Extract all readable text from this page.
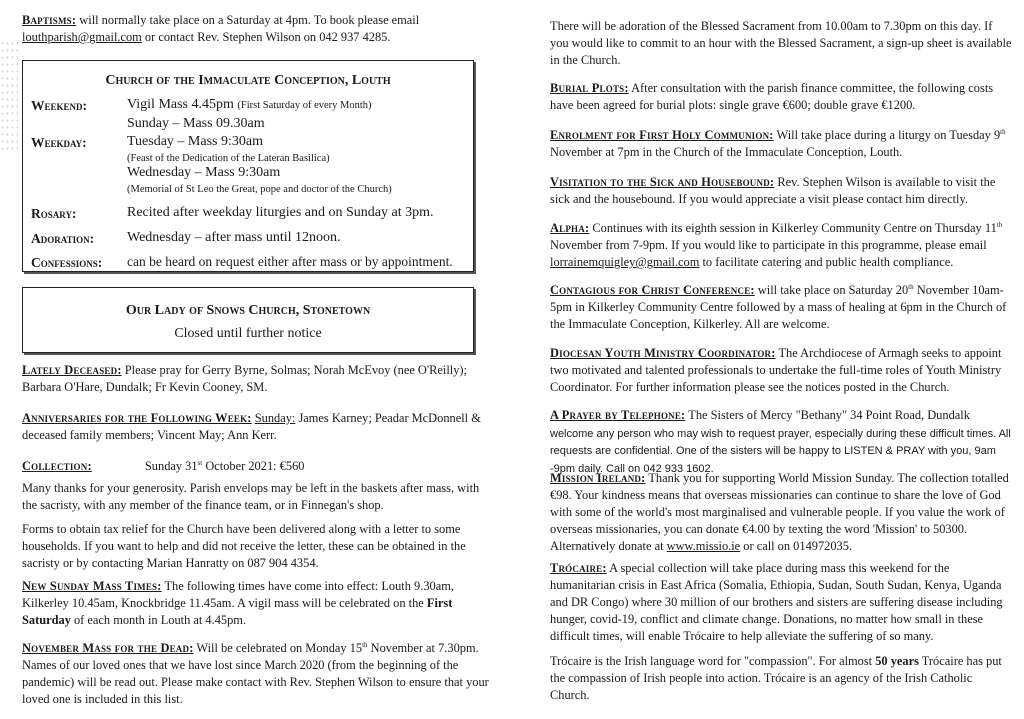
Baptisms: will normally take place on a Saturday at 4pm. To book please email
louthparish@gmail.com or contact Rev. Stephen Wilson on 042 937 4285.
Church of the Immaculate Conception, Louth
Weekend:	Vigil Mass 4.45pm (First Saturday of every Month)
Sunday – Mass 09.30am
Weekday:	Tuesday – Mass 9:30am
(Feast of the Dedication of the Lateran Basilica)
Wednesday – Mass 9:30am
(Memorial of St Leo the Great, pope and doctor of the Church)
Rosary:	Recited after weekday liturgies and on Sunday at 3pm.
Adoration: Wednesday – after mass until 12noon.
Confessions: can be heard on request either after mass or by appointment.
Our Lady of Snows Church, Stonetown
Closed until further notice
Lately Deceased: Please pray for Gerry Byrne, Solmas; Norah McEvoy (nee O'Reilly); Barbara O'Hare, Dundalk; Fr Kevin Cooney, SM.
Anniversaries for the Following Week: Sunday: James Karney; Peadar McDonnell & deceased family members; Vincent May; Ann Kerr.
Collection:	Sunday 31st October 2021: €560

Many thanks for your generosity. Parish envelops may be left in the baskets after mass, with the sacristy, with any member of the finance team, or in Finnegan's shop.

Forms to obtain tax relief for the Church have been delivered along with a letter to some households. If you want to help and did not receive the letter, these can be obtained in the sacristy or by contacting Marian Hanratty on 087 904 4354.

New Sunday Mass Times: The following times have come into effect: Louth 9.30am, Kilkerley 10.45am, Knockbridge 11.45am. A vigil mass will be celebrated on the First Saturday of each month in Louth at 4.45pm.
November Mass for the Dead: Will be celebrated on Monday 15th November at 7.30pm. Names of our loved ones that we have lost since March 2020 (from the beginning of the pandemic) will be read out. Please make contact with Rev. Stephen Wilson to ensure that your loved one is included in this list.
There will be adoration of the Blessed Sacrament from 10.00am to 7.30pm on this day. If you would like to commit to an hour with the Blessed Sacrament, a sign-up sheet is available in the Church.
Burial Plots: After consultation with the parish finance committee, the following costs have been agreed for burial plots: single grave €600; double grave €1200.
Enrolment for First Holy Communion: Will take place during a liturgy on Tuesday 9th November at 7pm in the Church of the Immaculate Conception, Louth.
Visitation to the Sick and Housebound: Rev. Stephen Wilson is available to visit the sick and the housebound. If you would appreciate a visit please contact him directly.
Alpha: Continues with its eighth session in Kilkerley Community Centre on Thursday 11th November from 7-9pm. If you would like to participate in this programme, please email lorrainemquigley@gmail.com to facilitate catering and public health compliance.
Contagious for Christ Conference: will take place on Saturday 20th November 10am-5pm in Kilkerley Community Centre followed by a mass of healing at 6pm in the Church of the Immaculate Conception, Kilkerley. All are welcome.
Diocesan Youth Ministry Coordinator: The Archdiocese of Armagh seeks to appoint two motivated and talented professionals to undertake the full-time roles of Youth Ministry Coordinator. For further information please see the notices posted in the Church.
A Prayer by Telephone: The Sisters of Mercy "Bethany" 34 Point Road, Dundalk welcome any person who may wish to request prayer, especially during these difficult times. All requests are confidential. One of the sisters will be happy to LISTEN & PRAY with you, 9am -9pm daily. Call on 042 933 1602.
Mission Ireland: Thank you for supporting World Mission Sunday. The collection totalled €98. Your kindness means that overseas missionaries can continue to share the love of God with some of the world's most marginalised and vulnerable people. If you value the work of overseas missionaries, you can donate €4.00 by texting the word 'Mission' to 50300. Alternatively donate at www.missio.ie or call on 014972035.
Trócaire: A special collection will take place during mass this weekend for the humanitarian crisis in East Africa (Somalia, Ethiopia, Sudan, South Sudan, Kenya, Uganda and DR Congo) where 30 million of our brothers and sisters are suffering disease including hunger, covid-19, conflict and climate change. Donations, no matter how small in these difficult times, will enable Trócaire to help alleviate the suffering of so many.

Trócaire is the Irish language word for "compassion". For almost 50 years Trócaire has put the compassion of Irish people into action. Trócaire is an agency of the Irish Catholic Church.
